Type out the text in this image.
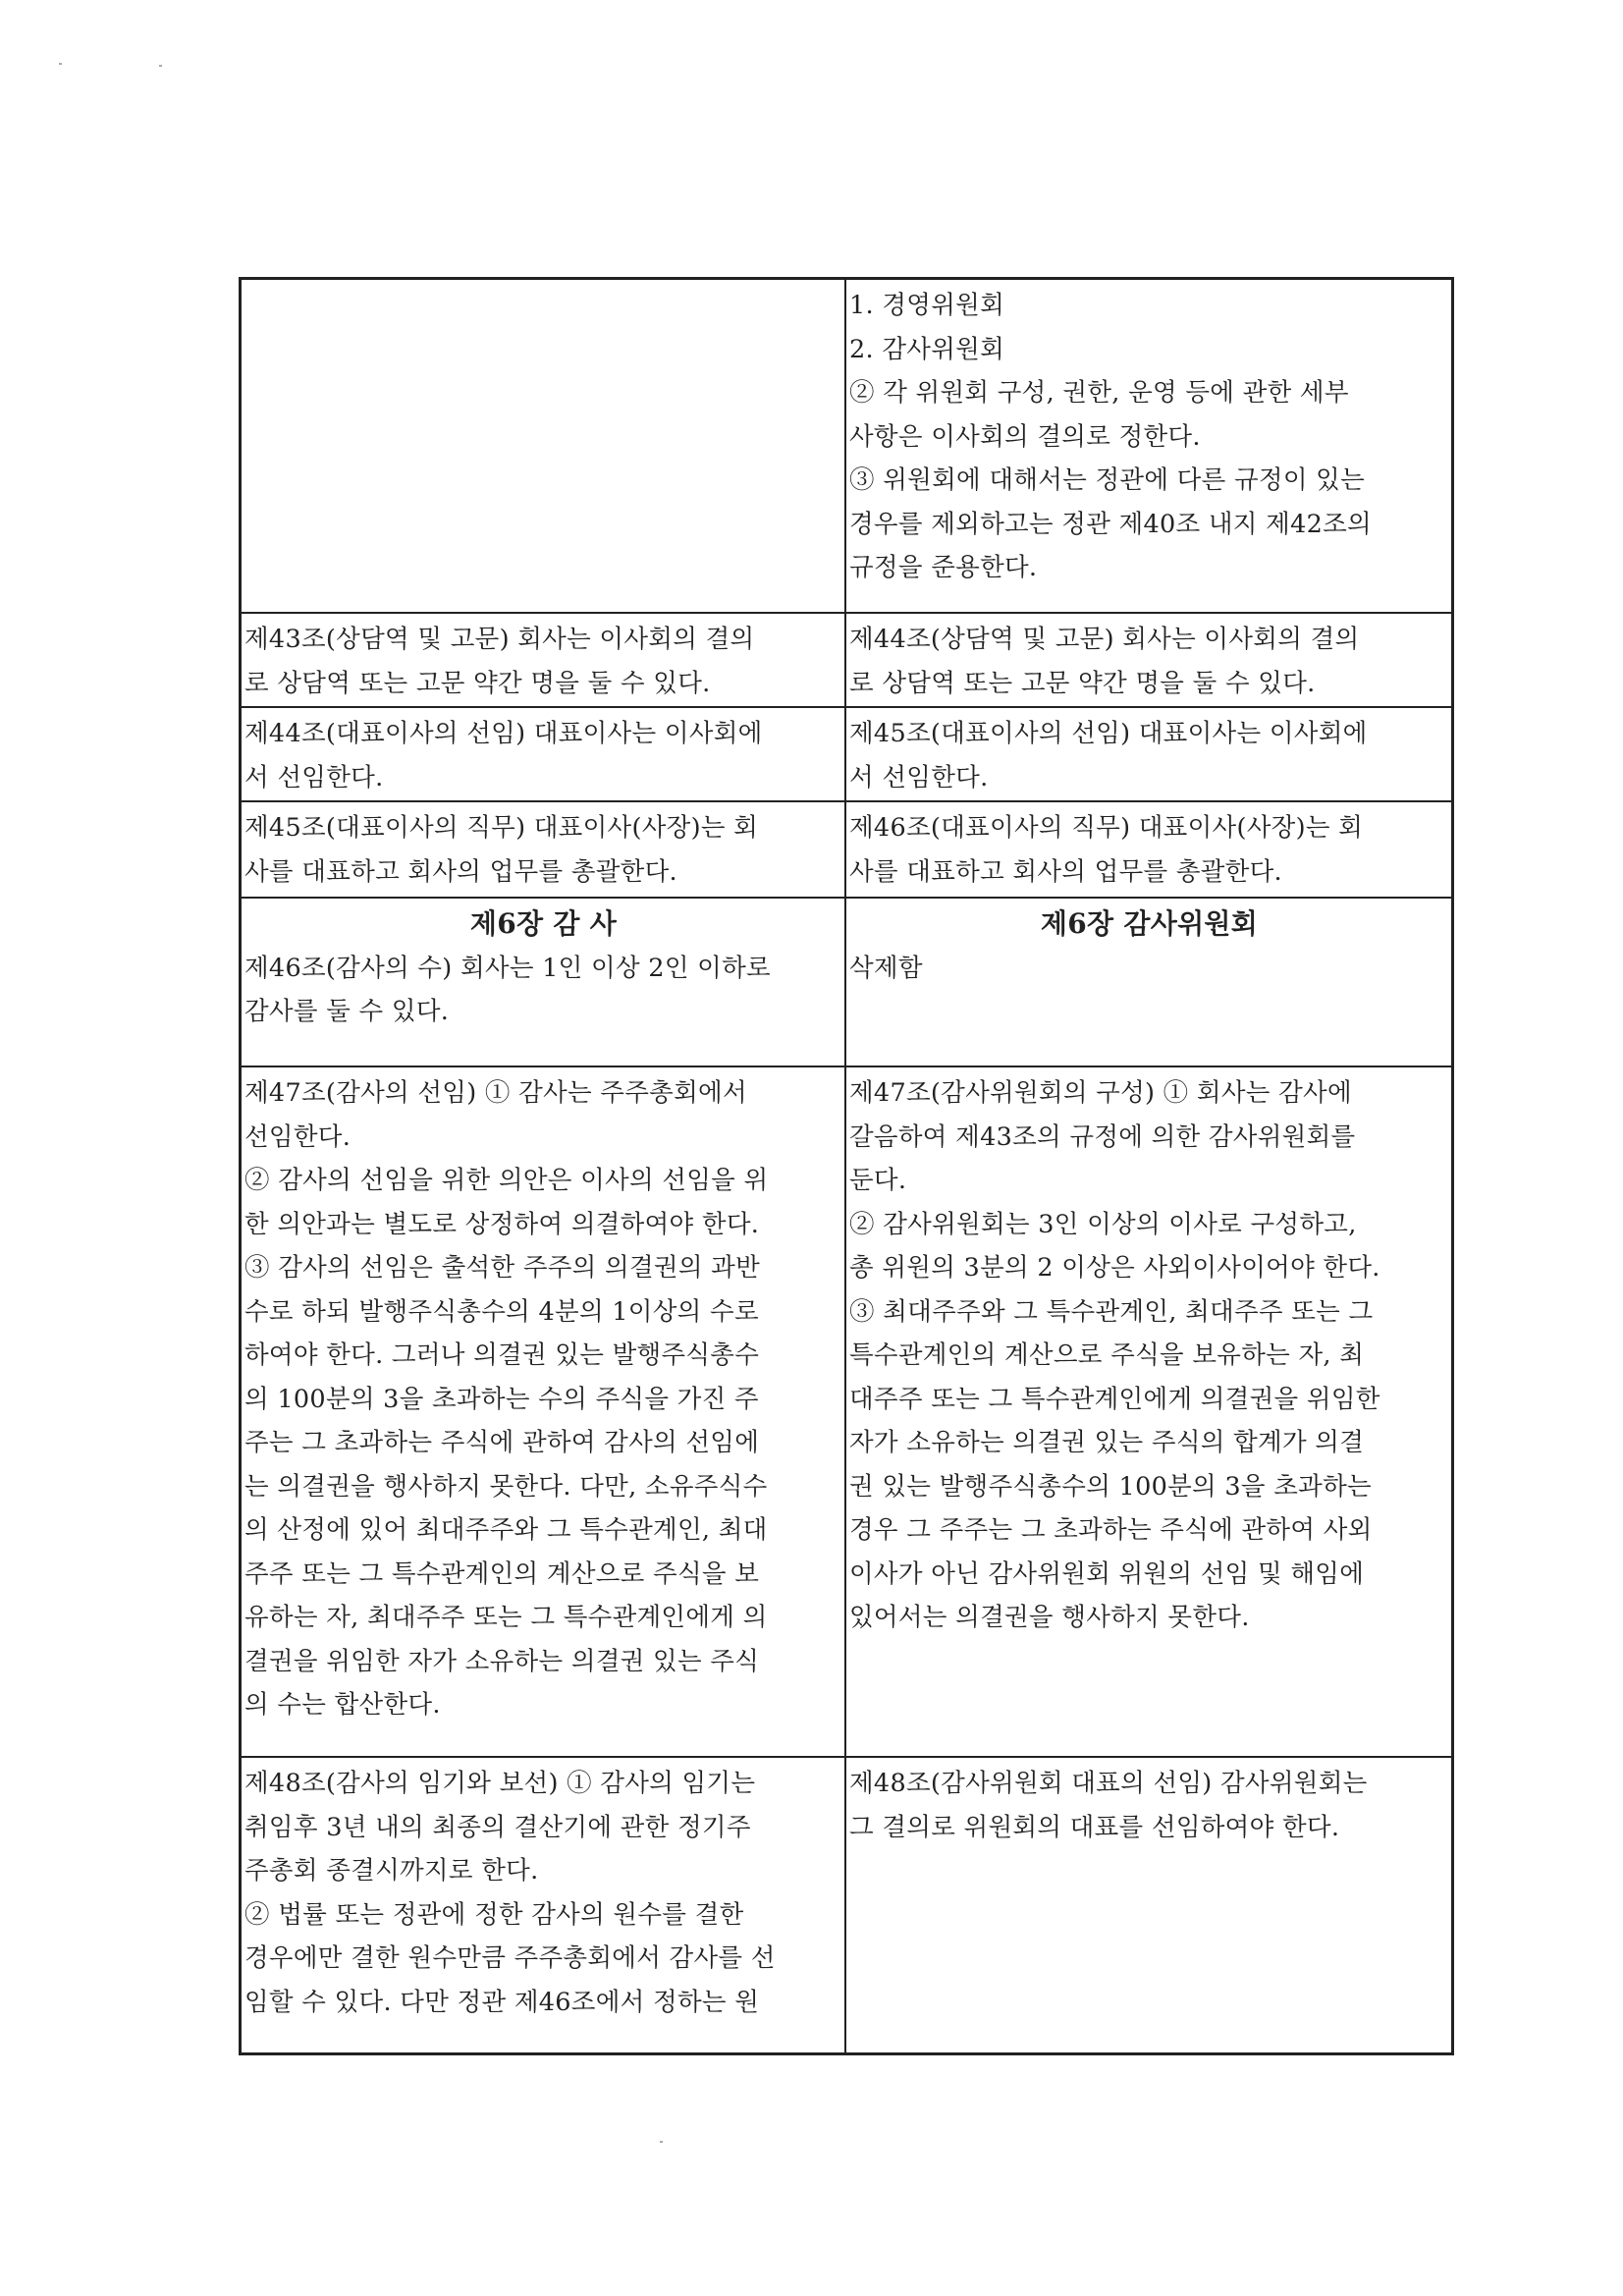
1. 경영위원회
2. 감사위원회
② 각 위원회 구성, 권한, 운영 등에 관한 세부
사항은 이사회의 결의로 정한다.
③ 위원회에 대해서는 정관에 다른 규정이 있는
경우를 제외하고는 정관 제40조 내지 제42조의
규정을 준용한다.
제43조(상담역 및 고문) 회사는 이사회의 결의
로 상담역 또는 고문 약간 명을 둘 수 있다.
제44조(상담역 및 고문) 회사는 이사회의 결의
로 상담역 또는 고문 약간 명을 둘 수 있다.
제44조(대표이사의 선임) 대표이사는 이사회에
서 선임한다.
제45조(대표이사의 선임) 대표이사는 이사회에
서 선임한다.
제45조(대표이사의 직무) 대표이사(사장)는 회
사를 대표하고 회사의 업무를 총괄한다.
제46조(대표이사의 직무) 대표이사(사장)는 회
사를 대표하고 회사의 업무를 총괄한다.
제6장 감 사
제46조(감사의 수) 회사는 1인 이상 2인 이하로
감사를 둘 수 있다.
제6장 감사위원회
삭제함
제47조(감사의 선임) ① 감사는 주주총회에서
선임한다.
② 감사의 선임을 위한 의안은 이사의 선임을 위
한 의안과는 별도로 상정하여 의결하여야 한다.
③ 감사의 선임은 출석한 주주의 의결권의 과반
수로 하되 발행주식총수의 4분의 1이상의 수로
하여야 한다. 그러나 의결권 있는 발행주식총수
의 100분의 3을 초과하는 수의 주식을 가진 주
주는 그 초과하는 주식에 관하여 감사의 선임에
는 의결권을 행사하지 못한다. 다만, 소유주식수
의 산정에 있어 최대주주와 그 특수관계인, 최대
주주 또는 그 특수관계인의 계산으로 주식을 보
유하는 자, 최대주주 또는 그 특수관계인에게 의
결권을 위임한 자가 소유하는 의결권 있는 주식
의 수는 합산한다.
제47조(감사위원회의 구성) ① 회사는 감사에
갈음하여 제43조의 규정에 의한 감사위원회를
둔다.
② 감사위원회는 3인 이상의 이사로 구성하고,
총 위원의 3분의 2 이상은 사외이사이어야 한다.
③ 최대주주와 그 특수관계인, 최대주주 또는 그
특수관계인의 계산으로 주식을 보유하는 자, 최
대주주 또는 그 특수관계인에게 의결권을 위임한
자가 소유하는 의결권 있는 주식의 합계가 의결
권 있는 발행주식총수의 100분의 3을 초과하는
경우 그 주주는 그 초과하는 주식에 관하여 사외
이사가 아닌 감사위원회 위원의 선임 및 해임에
있어서는 의결권을 행사하지 못한다.
제48조(감사의 임기와 보선) ① 감사의 임기는
취임후 3년 내의 최종의 결산기에 관한 정기주
주총회 종결시까지로 한다.
② 법률 또는 정관에 정한 감사의 원수를 결한
경우에만 결한 원수만큼 주주총회에서 감사를 선
임할 수 있다. 다만 정관 제46조에서 정하는 원
제48조(감사위원회 대표의 선임) 감사위원회는
그 결의로 위원회의 대표를 선임하여야 한다.
